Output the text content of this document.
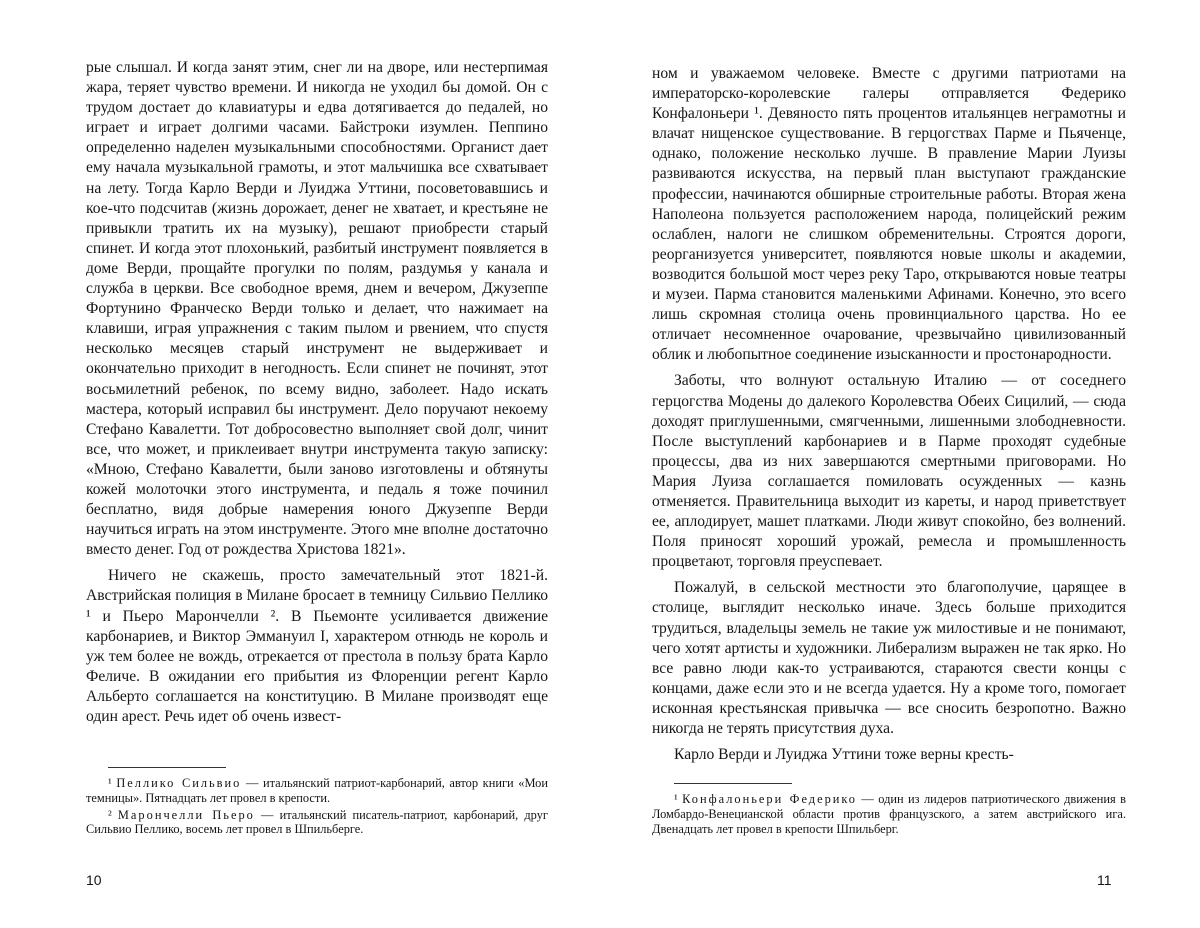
рые слышал. И когда занят этим, снег ли на дворе, или нестерпимая жара, теряет чувство времени. И никогда не уходил бы домой. Он с трудом достает до клавиатуры и едва дотягивается до педалей, но играет и играет долгими часами. Байстроки изумлен. Пеппино определенно наделен музыкальными способностями. Органист дает ему начала музыкальной грамоты, и этот мальчишка все схватывает на лету. Тогда Карло Верди и Луиджа Уттини, посоветовавшись и кое-что подсчитав (жизнь дорожает, денег не хватает, и крестьяне не привыкли тратить их на музыку), решают приобрести старый спинет. И когда этот плохонький, разбитый инструмент появляется в доме Верди, прощайте прогулки по полям, раздумья у канала и служба в церкви. Все свободное время, днем и вечером, Джузеппе Фортунино Франческо Верди только и делает, что нажимает на клавиши, играя упражнения с таким пылом и рвением, что спустя несколько месяцев старый инструмент не выдерживает и окончательно приходит в негодность. Если спинет не починят, этот восьмилетний ребенок, по всему видно, заболеет. Надо искать мастера, который исправил бы инструмент. Дело поручают некоему Стефано Кавалетти. Тот добросовестно выполняет свой долг, чинит все, что может, и приклеивает внутри инструмента такую записку: «Мною, Стефано Кавалетти, были заново изготовлены и обтянуты кожей молоточки этого инструмента, и педаль я тоже починил бесплатно, видя добрые намерения юного Джузеппе Верди научиться играть на этом инструменте. Этого мне вполне достаточно вместо денег. Год от рождества Христова 1821».

Ничего не скажешь, просто замечательный этот 1821-й. Австрийская полиция в Милане бросает в темницу Сильвио Пеллико ¹ и Пьеро Марончелли ². В Пьемонте усиливается движение карбонариев, и Виктор Эммануил I, характером отнюдь не король и уж тем более не вождь, отрекается от престола в пользу брата Карло Феличе. В ожидании его прибытия из Флоренции регент Карло Альберто соглашается на конституцию. В Милане производят еще один арест. Речь идет об очень извест-

¹ Пеллико Сильвио — итальянский патриот-карбонарий, автор книги «Мои темницы». Пятнадцать лет провел в крепости.

² Марончелли Пьеро — итальянский писатель-патриот, карбонарий, друг Сильвио Пеллико, восемь лет провел в Шпильберге.

10

ном и уважаемом человеке. Вместе с другими патриотами на императорско-королевские галеры отправляется Федерико Конфалоньери ¹. Девяносто пять процентов итальянцев неграмотны и влачат нищенское существование. В герцогствах Парме и Пьяченце, однако, положение несколько лучше. В правление Марии Луизы развиваются искусства, на первый план выступают гражданские профессии, начинаются обширные строительные работы. Вторая жена Наполеона пользуется расположением народа, полицейский режим ослаблен, налоги не слишком обременительны. Строятся дороги, реорганизуется университет, появляются новые школы и академии, возводится большой мост через реку Таро, открываются новые театры и музеи. Парма становится маленькими Афинами. Конечно, это всего лишь скромная столица очень провинциального царства. Но ее отличает несомненное очарование, чрезвычайно цивилизованный облик и любопытное соединение изысканности и простонародности.

Заботы, что волнуют остальную Италию — от соседнего герцогства Модены до далекого Королевства Обеих Сицилий, — сюда доходят приглушенными, смягченными, лишенными злободневности. После выступлений карбонариев и в Парме проходят судебные процессы, два из них завершаются смертными приговорами. Но Мария Луиза соглашается помиловать осужденных — казнь отменяется. Правительница выходит из кареты, и народ приветствует ее, аплодирует, машет платками. Люди живут спокойно, без волнений. Поля приносят хороший урожай, ремесла и промышленность процветают, торговля преуспевает.

Пожалуй, в сельской местности это благополучие, царящее в столице, выглядит несколько иначе. Здесь больше приходится трудиться, владельцы земель не такие уж милостивые и не понимают, чего хотят артисты и художники. Либерализм выражен не так ярко. Но все равно люди как-то устраиваются, стараются свести концы с концами, даже если это и не всегда удается. Ну а кроме того, помогает исконная крестьянская привычка — все сносить безропотно. Важно никогда не терять присутствия духа.

Карло Верди и Луиджа Уттини тоже верны кресть-

¹ Конфалоньери Федерико — один из лидеров патриотического движения в Ломбардо-Венецианской области против французского, а затем австрийского ига. Двенадцать лет провел в крепости Шпильберг.

11
